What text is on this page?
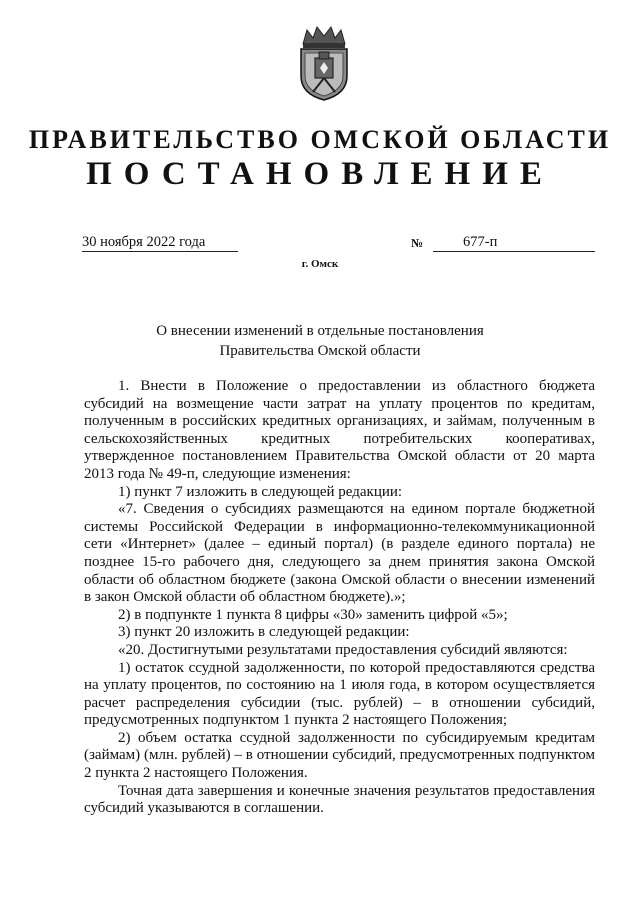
ПРАВИТЕЛЬСТВО ОМСКОЙ ОБЛАСТИ
ПОСТАНОВЛЕНИЕ
30 ноября 2022 года	№	677-п
г. Омск
О внесении изменений в отдельные постановления
Правительства Омской области

1. Внести в Положение о предоставлении из областного бюджета субсидий на возмещение части затрат на уплату процентов по кредитам, полученным в российских кредитных организациях, и займам, полученным в сельскохозяйственных кредитных потребительских кооперативах, утвержденное постановлением Правительства Омской области от 20 марта 2013 года № 49-п, следующие изменения:

1) пункт 7 изложить в следующей редакции:

«7. Сведения о субсидиях размещаются на едином портале бюджетной системы Российской Федерации в информационно-телекоммуникационной сети «Интернет» (далее – единый портал) (в разделе единого портала) не позднее 15-го рабочего дня, следующего за днем принятия закона Омской области об областном бюджете (закона Омской области о внесении изменений в закон Омской области об областном бюджете).»;

2) в подпункте 1 пункта 8 цифры «30» заменить цифрой «5»;

3) пункт 20 изложить в следующей редакции:

«20. Достигнутыми результатами предоставления субсидий являются:

1) остаток ссудной задолженности, по которой предоставляются средства на уплату процентов, по состоянию на 1 июля года, в котором осуществляется расчет распределения субсидии (тыс. рублей) – в отношении субсидий, предусмотренных подпунктом 1 пункта 2 настоящего Положения;

2) объем остатка ссудной задолженности по субсидируемым кредитам (займам) (млн. рублей) – в отношении субсидий, предусмотренных подпунктом 2 пункта 2 настоящего Положения.

Точная дата завершения и конечные значения результатов предоставления субсидий указываются в соглашении.
